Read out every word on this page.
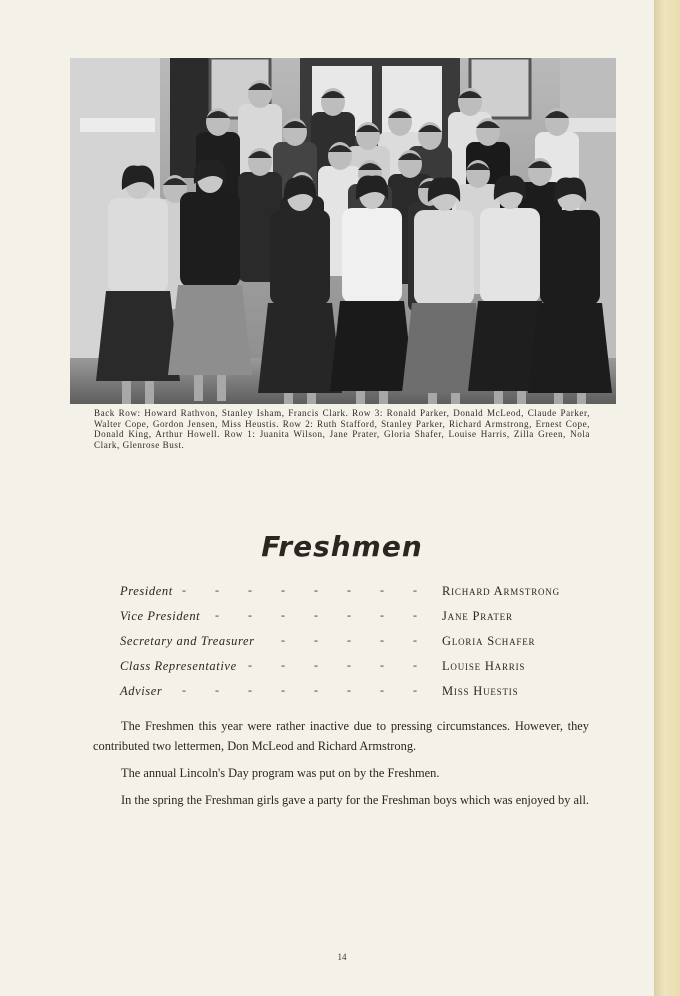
Back Row: Howard Rathvon, Stanley Isham, Francis Clark. Row 3: Ronald Parker, Donald McLeod, Claude Parker, Walter Cope, Gordon Jensen, Miss Heustis. Row 2: Ruth Stafford, Stanley Parker, Richard Armstrong, Ernest Cope, Donald King, Arthur Howell. Row 1: Juanita Wilson, Jane Prater, Gloria Shafer, Louise Harris, Zilla Green, Nola Clark, Glenrose Bust.

Freshmen
President - - - - - - - - Richard Armstrong
Vice President - - - - - - - Jane Prater
Secretary and Treasurer - - - - - Gloria Schafer
Class Representative - - - - - - Louise Harris
Adviser - - - - - - - - Miss Huestis

The Freshmen this year were rather inactive due to pressing circumstances. However, they contributed two lettermen, Don McLeod and Richard Armstrong.

The annual Lincoln's Day program was put on by the Freshmen.

In the spring the Freshman girls gave a party for the Freshman boys which was enjoyed by all.

14
